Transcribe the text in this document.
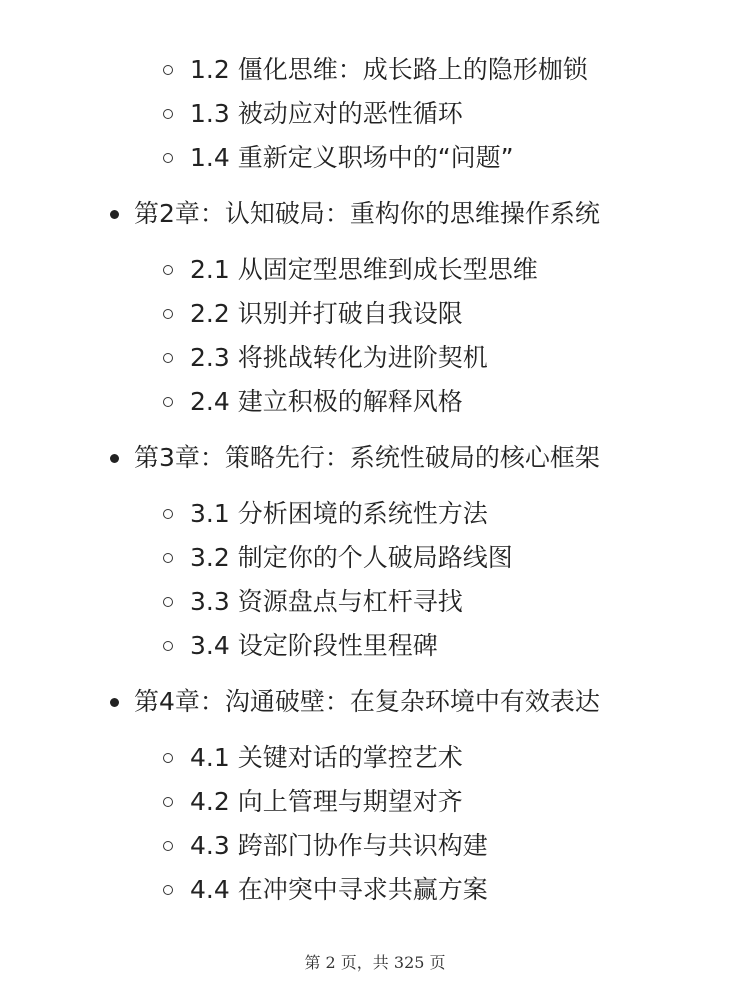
1.2 僵化思维：成长路上的隐形枷锁
1.3 被动应对的恶性循环
1.4 重新定义职场中的“问题”
第2章：认知破局：重构你的思维操作系统
2.1 从固定型思维到成长型思维
2.2 识别并打破自我设限
2.3 将挑战转化为进阶契机
2.4 建立积极的解释风格
第3章：策略先行：系统性破局的核心框架
3.1 分析困境的系统性方法
3.2 制定你的个人破局路线图
3.3 资源盘点与杠杆寻找
3.4 设定阶段性里程碑
第4章：沟通破壁：在复杂环境中有效表达
4.1 关键对话的掌控艺术
4.2 向上管理与期望对齐
4.3 跨部门协作与共识构建
4.4 在冲突中寻求共赢方案
第 2 页，共 325 页
